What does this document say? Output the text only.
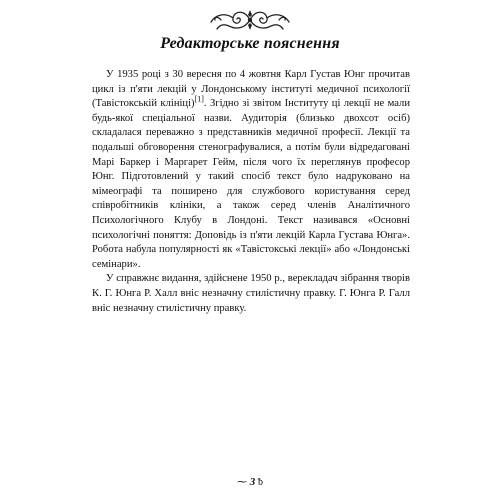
Редакторське пояснення

У 1935 році з 30 вересня по 4 жовтня Карл Густав Юнг прочитав цикл із п'яти лекцій у Лондонському інституті медичної психології (Тавістокській клініці)[1]. Згідно зі звітом Інституту ці лекції не мали будь-якої спеціальної назви. Аудиторія (близько двохсот осіб) складалася переважно з представників медичної професії. Лекції та подальші обговорення стенографувалися, а потім були відредаговані Марі Баркер і Маргарет Гейм, після чого їх переглянув професор Юнг. Підготовлений у такий спосіб текст було надруковано на мімеографі та поширено для службового користування серед співробітників клініки, а також серед членів Аналітичного Психологічного Клубу в Лондоні. Текст називався «Основні психологічні поняття: Доповідь із п'яти лекцій Карла Густава Юнга». Робота набула популярності як «Тавістокські лекції» або «Лондонські семінари».

У справжнє видання, здійснене 1950 р., верекладач зібрання творів К. Г. Юнга Р. Халл вніс незначну стилістичну правку. Г. Юнга Р. Галл вніс незначну стилістичну правку.

⁓ 3 ᵬ
